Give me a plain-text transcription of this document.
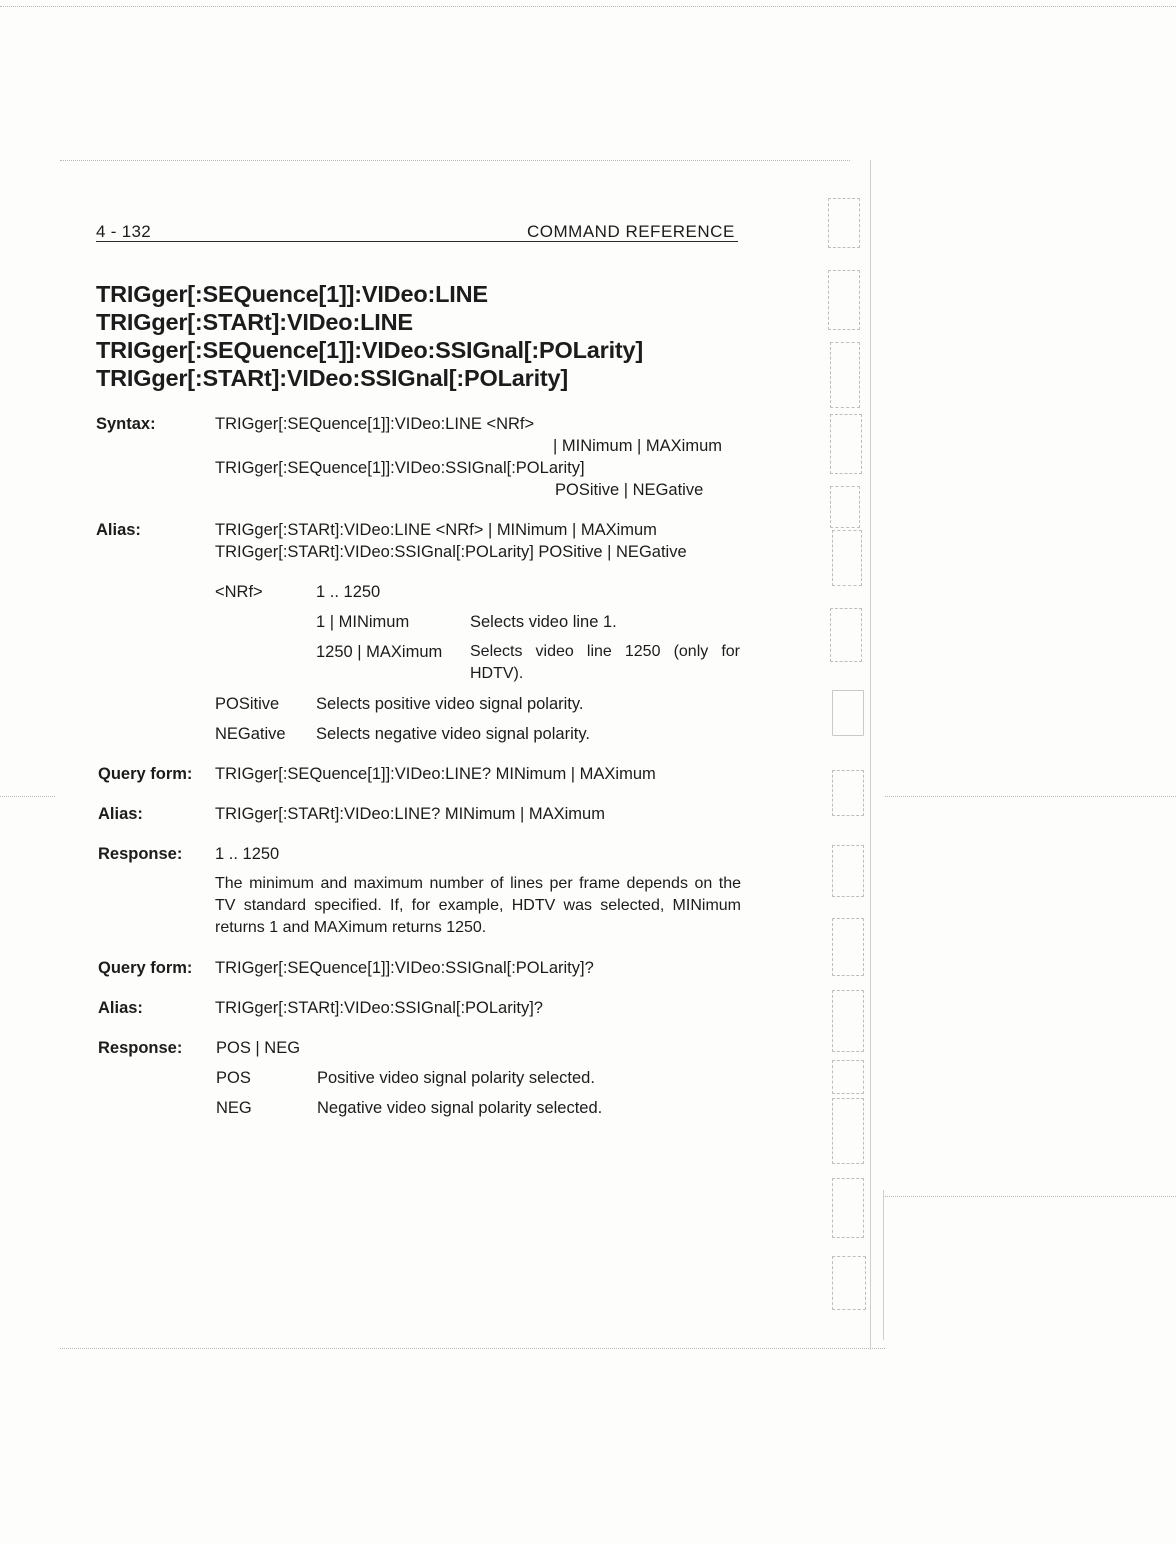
4 - 132	COMMAND REFERENCE
TRIGger[:SEQuence[1]]:VIDeo:LINE
TRIGger[:STARt]:VIDeo:LINE
TRIGger[:SEQuence[1]]:VIDeo:SSIGnal[:POLarity]
TRIGger[:STARt]:VIDeo:SSIGnal[:POLarity]
Syntax:	TRIGger[:SEQuence[1]]:VIDeo:LINE <NRf>
| MINimum | MAXimum
TRIGger[:SEQuence[1]]:VIDeo:SSIGnal[:POLarity]
POSitive | NEGative
Alias:	TRIGger[:STARt]:VIDeo:LINE <NRf> | MINimum | MAXimum
TRIGger[:STARt]:VIDeo:SSIGnal[:POLarity] POSitive | NEGative
<NRf>	1 .. 1250
1 | MINimum	Selects video line 1.
1250 | MAXimum Selects video line 1250 (only for HDTV).
POSitive Selects positive video signal polarity.
NEGative Selects negative video signal polarity.
Query form: TRIGger[:SEQuence[1]]:VIDeo:LINE? MINimum | MAXimum
Alias:	TRIGger[:STARt]:VIDeo:LINE? MINimum | MAXimum
Response: 1 .. 1250
The minimum and maximum number of lines per frame depends on the TV standard specified. If, for example, HDTV was selected, MINimum returns 1 and MAXimum returns 1250.
Query form: TRIGger[:SEQuence[1]]:VIDeo:SSIGnal[:POLarity]?
Alias:	TRIGger[:STARt]:VIDeo:SSIGnal[:POLarity]?
Response: POS | NEG
POS	Positive video signal polarity selected.
NEG	Negative video signal polarity selected.
